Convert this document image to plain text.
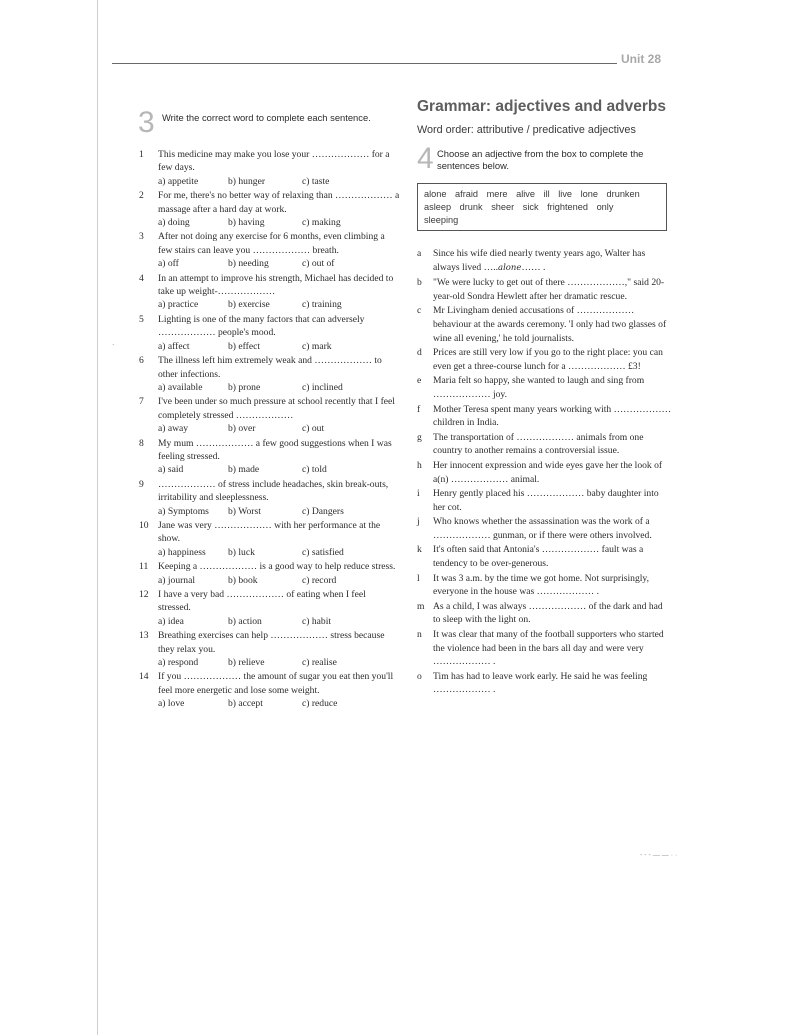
Unit 28
·
3 Write the correct word to complete each sentence.
1 This medicine may make you lose your ……………… for a few days.
a) appetite	b) hunger	c) taste
2 For me, there's no better way of relaxing than ……………… a massage after a hard day at work.
a) doing	b) having	c) making
3 After not doing any exercise for 6 months, even climbing a few stairs can leave you ……………… breath.
a) off	b) needing	c) out of
4 In an attempt to improve his strength, Michael has decided to take up weight-………………
a) practice	b) exercise	c) training
5 Lighting is one of the many factors that can adversely ……………… people's mood.
a) affect	b) effect	c) mark
6 The illness left him extremely weak and ……………… to other infections.
a) available	b) prone	c) inclined
7 I've been under so much pressure at school recently that I feel completely stressed ………………
a) away	b) over	c) out
8 My mum ……………… a few good suggestions when I was feeling stressed.
a) said	b) made	c) told
9 ……………… of stress include headaches, skin break-outs, irritability and sleeplessness.
a) Symptoms	b) Worst	c) Dangers
10 Jane was very ……………… with her performance at the show.
a) happiness	b) luck	c) satisfied
11 Keeping a ……………… is a good way to help reduce stress.
a) journal	b) book	c) record
12 I have a very bad ……………… of eating when I feel stressed.
a) idea	b) action	c) habit
13 Breathing exercises can help ……………… stress because they relax you.
a) respond	b) relieve	c) realise
14 If you ……………… the amount of sugar you eat then you'll feel more energetic and lose some weight.
a) love	b) accept	c) reduce
Grammar: adjectives and adverbs
Word order: attributive / predicative adjectives
4 Choose an adjective from the box to complete the sentences below.
alone afraid mere alive ill live lone drunken asleep drunk sheer sick frightened only sleeping
a Since his wife died nearly twenty years ago, Walter has always lived …..alone…… .
b "We were lucky to get out of there ………………," said 20-year-old Sondra Hewlett after her dramatic rescue.
c Mr Livingham denied accusations of ……………… behaviour at the awards ceremony. 'I only had two glasses of wine all evening,' he told journalists.
d Prices are still very low if you go to the right place: you can even get a three-course lunch for a ……………… £3!
e Maria felt so happy, she wanted to laugh and sing from ……………… joy.
f Mother Teresa spent many years working with ……………… children in India.
g The transportation of ……………… animals from one country to another remains a controversial issue.
h Her innocent expression and wide eyes gave her the look of a(n) ……………… animal.
i Henry gently placed his ……………… baby daughter into her cot.
j Who knows whether the assassination was the work of a ……………… gunman, or if there were others involved.
k It's often said that Antonia's ……………… fault was a tendency to be over-generous.
l It was 3 a.m. by the time we got home. Not surprisingly, everyone in the house was ……………… .
m As a child, I was always ……………… of the dark and had to sleep with the light on.
n It was clear that many of the football supporters who started the violence had been in the bars all day and were very ……………… .
o Tim has had to leave work early. He said he was feeling ……………… .
- - - — — · ·
